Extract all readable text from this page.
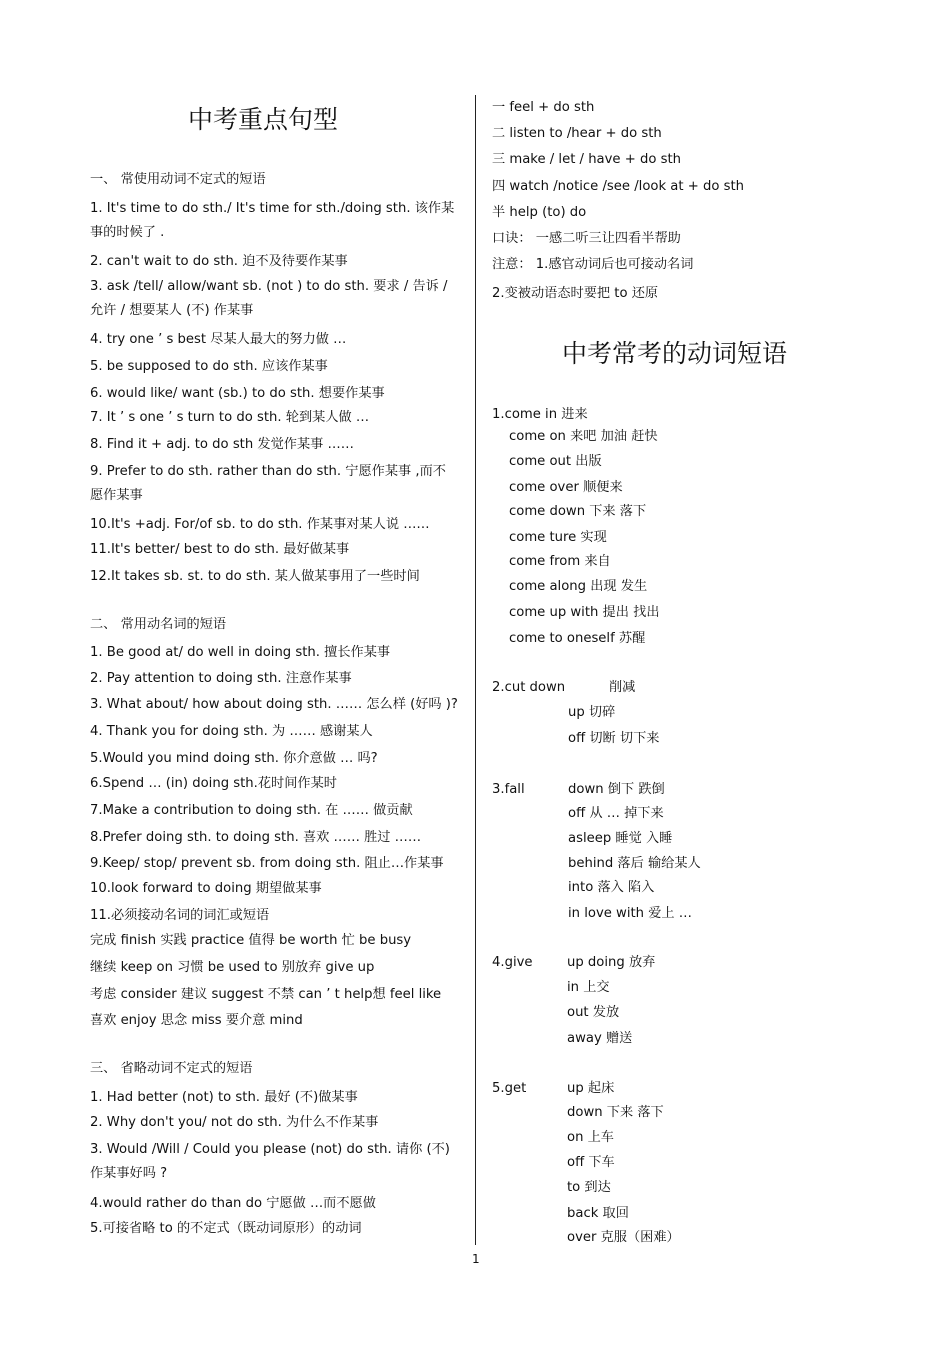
中考重点句型
一、 常使用动词不定式的短语
1. It's time to do sth./ It's time for sth./doing sth. 该作某事的时候了 .
2. can't wait to do sth. 迫不及待要作某事
3. ask /tell/ allow/want sb. (not ) to do sth. 要求 / 告诉 / 允许 / 想要某人 (不) 作某事
4. try one ’ s best 尽某人最大的努力做 …
5. be supposed to do sth. 应该作某事
6. would like/ want (sb.) to do sth. 想要作某事
7. It ’ s one ’ s turn to do sth. 轮到某人做 …
8. Find it + adj. to do sth 发觉作某事 ……
9. Prefer to do sth. rather than do sth. 宁愿作某事 ,而不愿作某事
10.It's +adj. For/of sb. to do sth. 作某事对某人说 ……
11.It's better/ best to do sth. 最好做某事
12.It takes sb. st. to do sth. 某人做某事用了一些时间
二、 常用动名词的短语
1. Be good at/ do well in doing sth. 擅长作某事
2. Pay attention to doing sth. 注意作某事
3. What about/ how about doing sth. …… 怎么样 (好吗 )?
4. Thank you for doing sth. 为 …… 感谢某人
5.Would you mind doing sth. 你介意做 … 吗?
6.Spend … (in) doing sth.花时间作某时
7.Make a contribution to doing sth. 在 …… 做贡献
8.Prefer doing sth. to doing sth. 喜欢 …… 胜过 ……
9.Keep/ stop/ prevent sb. from doing sth. 阻止…作某事
10.look forward to doing 期望做某事
11.必须接动名词的词汇或短语
完成 finish 实践 practice 值得 be worth 忙 be busy
继续 keep on 习惯 be used to 别放弃 give up
考虑 consider 建议 suggest 不禁 can ’ t help想 feel like
喜欢 enjoy 思念 miss 要介意 mind
三、 省略动词不定式的短语
1. Had better (not) to sth. 最好 (不)做某事
2. Why don't you/ not do sth. 为什么不作某事
3. Would /Will / Could you please (not) do sth. 请你 (不) 作某事好吗 ?
4.would rather do than do 宁愿做 …而不愿做
5.可接省略 to 的不定式（既动词原形）的动词
一 feel + do sth
二 listen to /hear + do sth
三 make / let / have + do sth
四 watch /notice /see /look at + do sth
半 help (to) do
口诀： 一感二听三让四看半帮助
注意： 1.感官动词后也可接动名词
2.变被动语态时要把 to 还原
中考常考的动词短语
1.come in 进来
come on 来吧 加油 赶快
come out 出版
come over 顺便来
come down 下来 落下
come ture 实现
come from 来自
come along 出现 发生
come up with 提出 找出
come to oneself 苏醒
2.cut down	削减
up 切碎
off 切断 切下来
3.fall	down 倒下 跌倒
off 从 … 掉下来
asleep 睡觉 入睡
behind 落后 输给某人
into 落入 陷入
in love with 爱上 …
4.give	up doing 放弃
in 上交
out 发放
away 赠送
5.get	up 起床
down 下来 落下
on 上车
off 下车
to 到达
back 取回
over 克服（困难）
1
